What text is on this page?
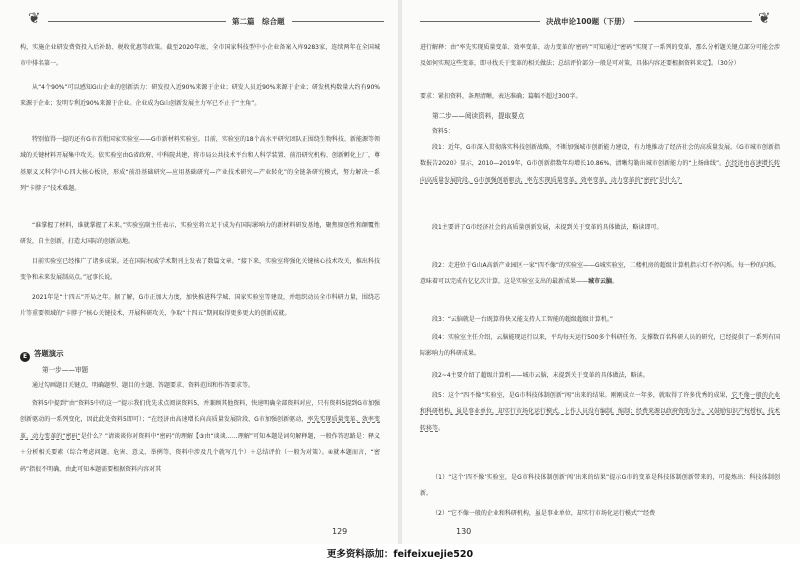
❦	第二篇　综合题

构，实施企业研发费资投入后补助、税收优惠等政策。截至2020年底，全市国家科技型中小企业备案入库9283家，连续两年在全国城市中排名第一。

从“4个90%”可以感知G山企业的创新活力：研发投入近90%来源于企业；研发人员近90%来源于企业；研发机构数量大约有90%来源于企业；发明专利近90%来源于企业。企业成为G山创新发展主力军已不止于“主角”。

特别值得一提的还有G市首批国家实验室——G市新材料实验室。目前，实验室的18个高水平研究团队正围绕生物科技、新能源等领域的关键材料开展集中攻关。依实验室由G省政府、中科院共建，将市局公共技术平台和人科学装置、前沿研究机构、创新孵化上厂，尊基原义又科学中心四大核心板块，形成“前沿基础研究—应用基础研究—产业技术研究—产业转化”的全链条研究模式，努力解决一系列“卡脖子”技术难题。

“谁掌握了材料，谁就掌握了未来。”实验室副主任表示，实验室将立足于成为有国际影响力的新材料研发基地，聚焦原创性和颠覆性研发，自主创新，打造大国际的创新高地。

目前实验室已经推广了诸多成果。还在国际权威学术期刊上发表了数篇文章。“接下来，实验室将强化关键核心技术攻关，推出科技变争和未来发展制高点。”冠事长说。

2021年是“十四五”开局之年。据了解，G市正加大力度，加快推进科学城、国家实验室等建设，并组织动员全市科研力量，围绕芯片等重要领域的“卡脖子”核心关键技术，开展科研攻关，争取“十四五”期间取得更多更大的创新成就。

E 答题演示
第一步——审题

通过勾画题目关键点，明确题型、题目的主题、答题要求、资料范围和作答要求等。

资料5中提到“由“资料5中的这一”提示我们优先求点阅读资料5，并兼顾其他资料，快速明确全部资料对应，只有资料5提到G市加强创新驱动的一系列变化，因此此处资料5即可）；“在经济由高速增长向高质量发展阶段，G市加强创新驱动，率先实现质量变革、效率变革、动力变革的“密码”是什么？”请谈谈你对资料中“密码”的理解【③由“谈谈……理解”可知本题是词句解释题，一般作答思路是：释义＋分析相关要素（综合考虑问题、危害、意义、举例等，资料中涉及几个就写几个）＋总结评价（一般为对策）。④就本题而言，“密码”指很不明确，由此可知本题需要根据资料内容对其

129
决战申论100题（下册）	❦

进行解释：由“率先实现质量变革、效率变革、动力变革的‘密码’”可知通过“密码”实现了一系列的变革，那么分析题关键点部分可能会涉及如何实现这些变革，即寻找关于变革的相关做法；总结评价部分一般是可对策，具体内容还要根据资料来定】。（30分）

要求：紧扣资料，条理清晰，表达准确；篇幅不超过300字。

第二步——阅读资料，提取要点

资料5：

段1：近年，G市深入贯彻落实科技创新战略，不断加强城市创新能力建设，有力地推动了经济社会的高质量发展。《G市城市创新指数报告2020》显示，2010—2019年，G市创新指数年均增长10.86%，清晰勾勒出城市创新能力的“上扬曲线”。在经济由高速增长转向高质量发展阶段，G市加强创新驱动，率先实现质量变革、效率变革、动力变革的“密码”是什么？

段1主要讲了G市经济社会的高质量创新发展，未提到关于变革的具体做法，略读即可。

段2：走进位于G山A高新产业园区一家“四不像”的实验室——G城实验室，二楼机房的超级计算机指示灯不停闪烁。每一秒的闪烁，意味着可以完成有亿亿次计算，这是实验室支出的最新成果——城市云脑。

段3：“云脑就是一台既算得快又能支持人工智能的超级超级计算机。”

段4：实验室主任介绍，云脑能现运行以来，平均每天运行500多个科研任务，支撑数百名科研人员的研究，已经提供了一系列有国际影响力的科研成果。

段2~4主要介绍了超级计算机——城市云脑，未提到关于变革的具体做法，略读。

段5：这个“四不像”实验室，是G市科技体制创新“闯”出来的结果。刚刚成立一年多，就取得了许多优秀的成果，它不像一般的企业和科研机构，虽是事业单位，却实行市场化运行模式，上作人员没有编制，缩制；经费来源以政府资助为主，又鼓励知识产权授权、技术转移等。

（1）“这个‘四不像’实验室，是G市科技体制创新‘闯’出来的结果”提示G市的变革是科技体制创新带来的，可提炼出：科技体制创新。

（2）“它不像一般的企业和科研机构，虽是事业单位，却实行市场化运行模式”“经费

130
更多资料添加：feifeixuejie520
